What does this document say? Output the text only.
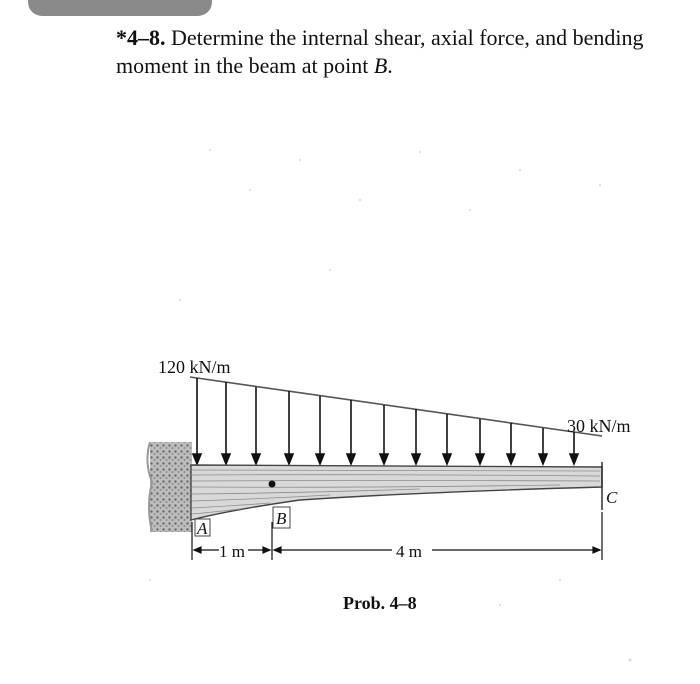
*4–8. Determine the internal shear, axial force, and bending moment in the beam at point B.
120 kN/m
30 kN/m
A
B
C
1 m	4 m
Prob. 4–8
